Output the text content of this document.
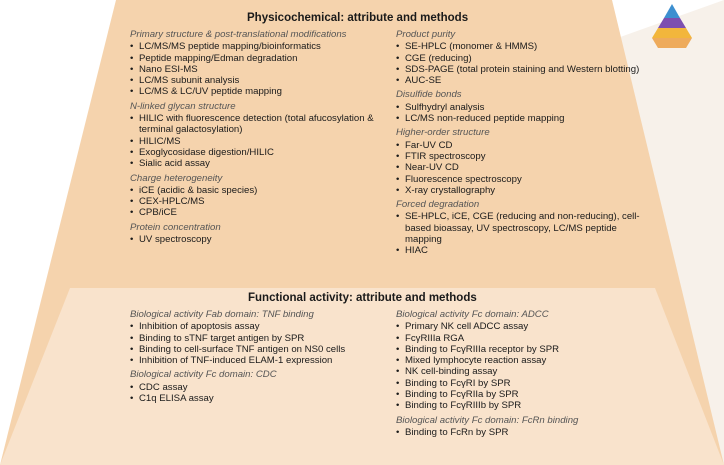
Physicochemical: attribute and methods
Primary structure & post-translational modifications
• LC/MS/MS peptide mapping/bioinformatics
• Peptide mapping/Edman degradation
• Nano ESI-MS
• LC/MS subunit analysis
• LC/MS & LC/UV peptide mapping
N-linked glycan structure
• HILIC with fluorescence detection (total afucosylation & terminal galactosylation)
• HILIC/MS
• Exoglycosidase digestion/HILIC
• Sialic acid assay
Charge heterogeneity
• iCE (acidic & basic species)
• CEX-HPLC/MS
• CPB/iCE
Protein concentration
• UV spectroscopy
Product purity
• SE-HPLC (monomer & HMMS)
• CGE (reducing)
• SDS-PAGE (total protein staining and Western blotting)
• AUC-SE
Disulfide bonds
• Sulfhydryl analysis
• LC/MS non-reduced peptide mapping
Higher-order structure
• Far-UV CD
• FTIR spectroscopy
• Near-UV CD
• Fluorescence spectroscopy
• X-ray crystallography
Forced degradation
• SE-HPLC, iCE, CGE (reducing and non-reducing), cell-based bioassay, UV spectroscopy, LC/MS peptide mapping
• HIAC
Functional activity: attribute and methods
Biological activity Fab domain: TNF binding
• Inhibition of apoptosis assay
• Binding to sTNF target antigen by SPR
• Binding to cell-surface TNF antigen on NS0 cells
• Inhibition of TNF-induced ELAM-1 expression
Biological activity Fc domain: CDC
• CDC assay
• C1q ELISA assay
Biological activity Fc domain: ADCC
• Primary NK cell ADCC assay
• FcγRIIIa RGA
• Binding to FcγRIIIa receptor by SPR
• Mixed lymphocyte reaction assay
• NK cell-binding assay
• Binding to FcγRI by SPR
• Binding to FcγRIIa by SPR
• Binding to FcγRIIIb by SPR
Biological activity Fc domain: FcRn binding
• Binding to FcRn by SPR
